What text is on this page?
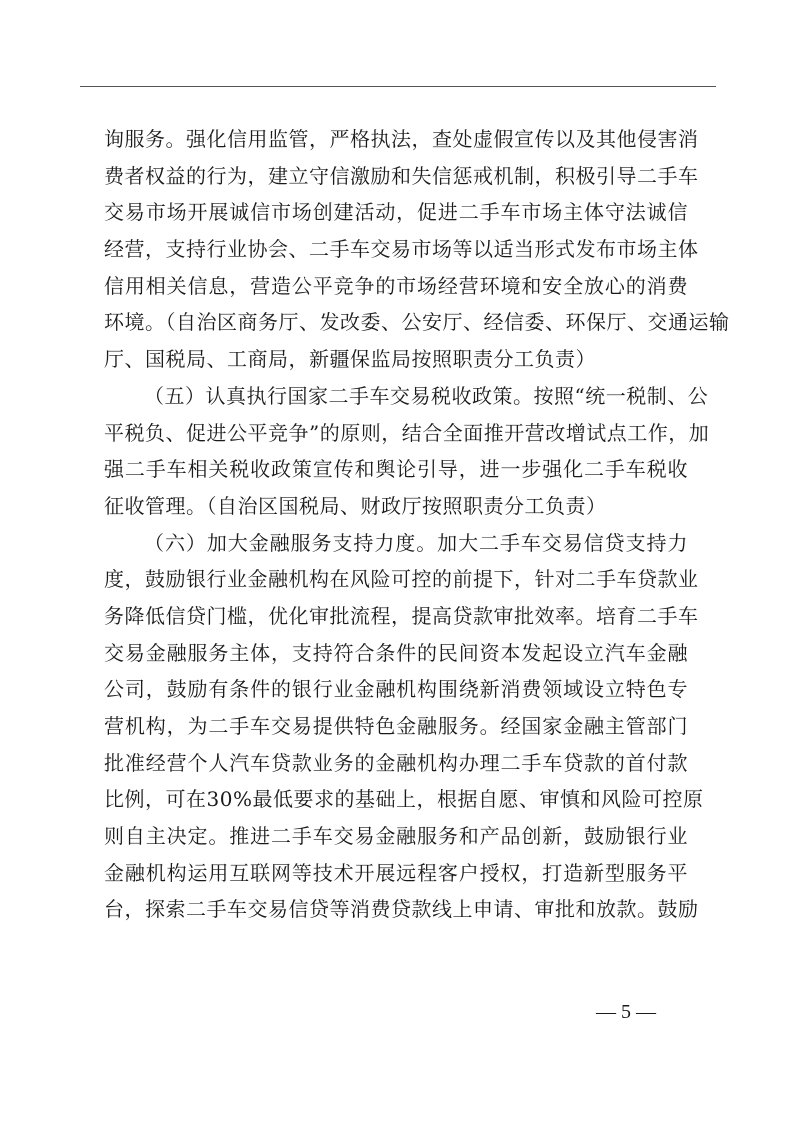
询服务。强化信用监管，严格执法，查处虚假宣传以及其他侵害消
费者权益的行为，建立守信激励和失信惩戒机制，积极引导二手车
交易市场开展诚信市场创建活动，促进二手车市场主体守法诚信
经营，支持行业协会、二手车交易市场等以适当形式发布市场主体
信用相关信息，营造公平竞争的市场经营环境和安全放心的消费
环境。（自治区商务厅、发改委、公安厅、经信委、环保厅、交通运输
厅、国税局、工商局，新疆保监局按照职责分工负责）
（五）认真执行国家二手车交易税收政策。按照“统一税制、公
平税负、促进公平竞争”的原则，结合全面推开营改增试点工作，加
强二手车相关税收政策宣传和舆论引导，进一步强化二手车税收
征收管理。（自治区国税局、财政厅按照职责分工负责）
（六）加大金融服务支持力度。加大二手车交易信贷支持力
度，鼓励银行业金融机构在风险可控的前提下，针对二手车贷款业
务降低信贷门槛，优化审批流程，提高贷款审批效率。培育二手车
交易金融服务主体，支持符合条件的民间资本发起设立汽车金融
公司，鼓励有条件的银行业金融机构围绕新消费领域设立特色专
营机构，为二手车交易提供特色金融服务。经国家金融主管部门
批准经营个人汽车贷款业务的金融机构办理二手车贷款的首付款
比例，可在30%最低要求的基础上，根据自愿、审慎和风险可控原
则自主决定。推进二手车交易金融服务和产品创新，鼓励银行业
金融机构运用互联网等技术开展远程客户授权，打造新型服务平
台，探索二手车交易信贷等消费贷款线上申请、审批和放款。鼓励
— 5 —
